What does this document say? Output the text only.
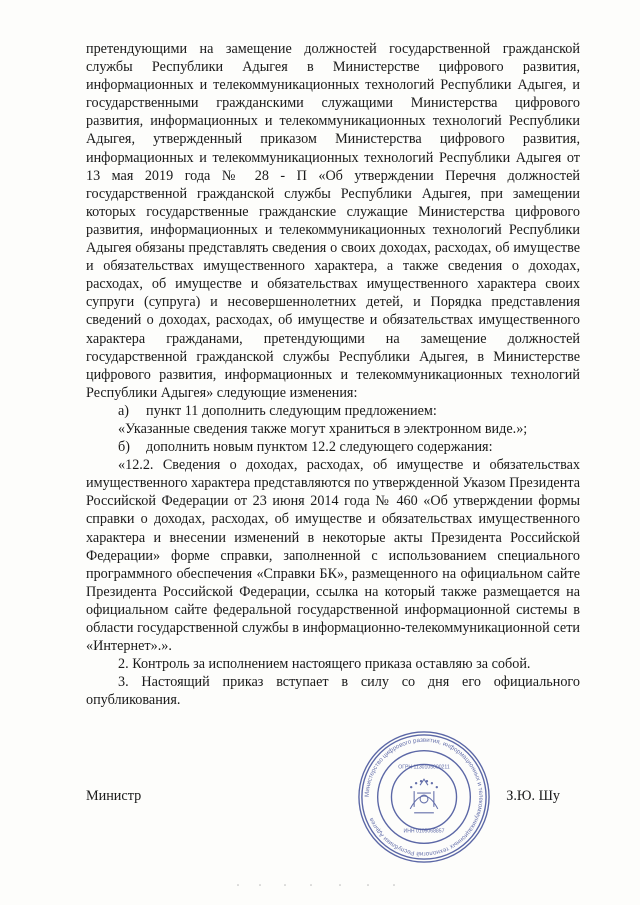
претендующими на замещение должностей государственной гражданской службы Республики Адыгея в Министерстве цифрового развития, информационных и телекоммуникационных технологий Республики Адыгея, и государственными гражданскими служащими Министерства цифрового развития, информационных и телекоммуникационных технологий Республики Адыгея, утвержденный приказом Министерства цифрового развития, информационных и телекоммуникационных технологий Республики Адыгея от 13 мая 2019 года № 28 - П «Об утверждении Перечня должностей государственной гражданской службы Республики Адыгея, при замещении которых государственные гражданские служащие Министерства цифрового развития, информационных и телекоммуникационных технологий Республики Адыгея обязаны представлять сведения о своих доходах, расходах, об имуществе и обязательствах имущественного характера, а также сведения о доходах, расходах, об имуществе и обязательствах имущественного характера своих супруги (супруга) и несовершеннолетних детей, и Порядка представления сведений о доходах, расходах, об имуществе и обязательствах имущественного характера гражданами, претендующими на замещение должностей государственной гражданской службы Республики Адыгея, в Министерстве цифрового развития, информационных и телекоммуникационных технологий Республики Адыгея» следующие изменения:

а)	пункт 11 дополнить следующим предложением:

«Указанные сведения также могут храниться в электронном виде.»;

б)	дополнить новым пунктом 12.2 следующего содержания:

«12.2. Сведения о доходах, расходах, об имуществе и обязательствах имущественного характера представляются по утвержденной Указом Президента Российской Федерации от 23 июня 2014 года № 460 «Об утверждении формы справки о доходах, расходах, об имуществе и обязательствах имущественного характера и внесении изменений в некоторые акты Президента Российской Федерации» форме справки, заполненной с использованием специального программного обеспечения «Справки БК», размещенного на официальном сайте Президента Российской Федерации, ссылка на который также размещается на официальном сайте федеральной государственной информационной системы в области государственной службы в информационно-телекоммуникационной сети «Интернет».».

2. Контроль за исполнением настоящего приказа оставляю за собой.

3. Настоящий приказ вступает в силу со дня его официального опубликования.

Министерство цифрового развития, информационных и телекоммуникационных технологий Республики Адыгея
ОГРН 1130105000211
ИНН 0105068857
Министр	З.Ю. Шу
